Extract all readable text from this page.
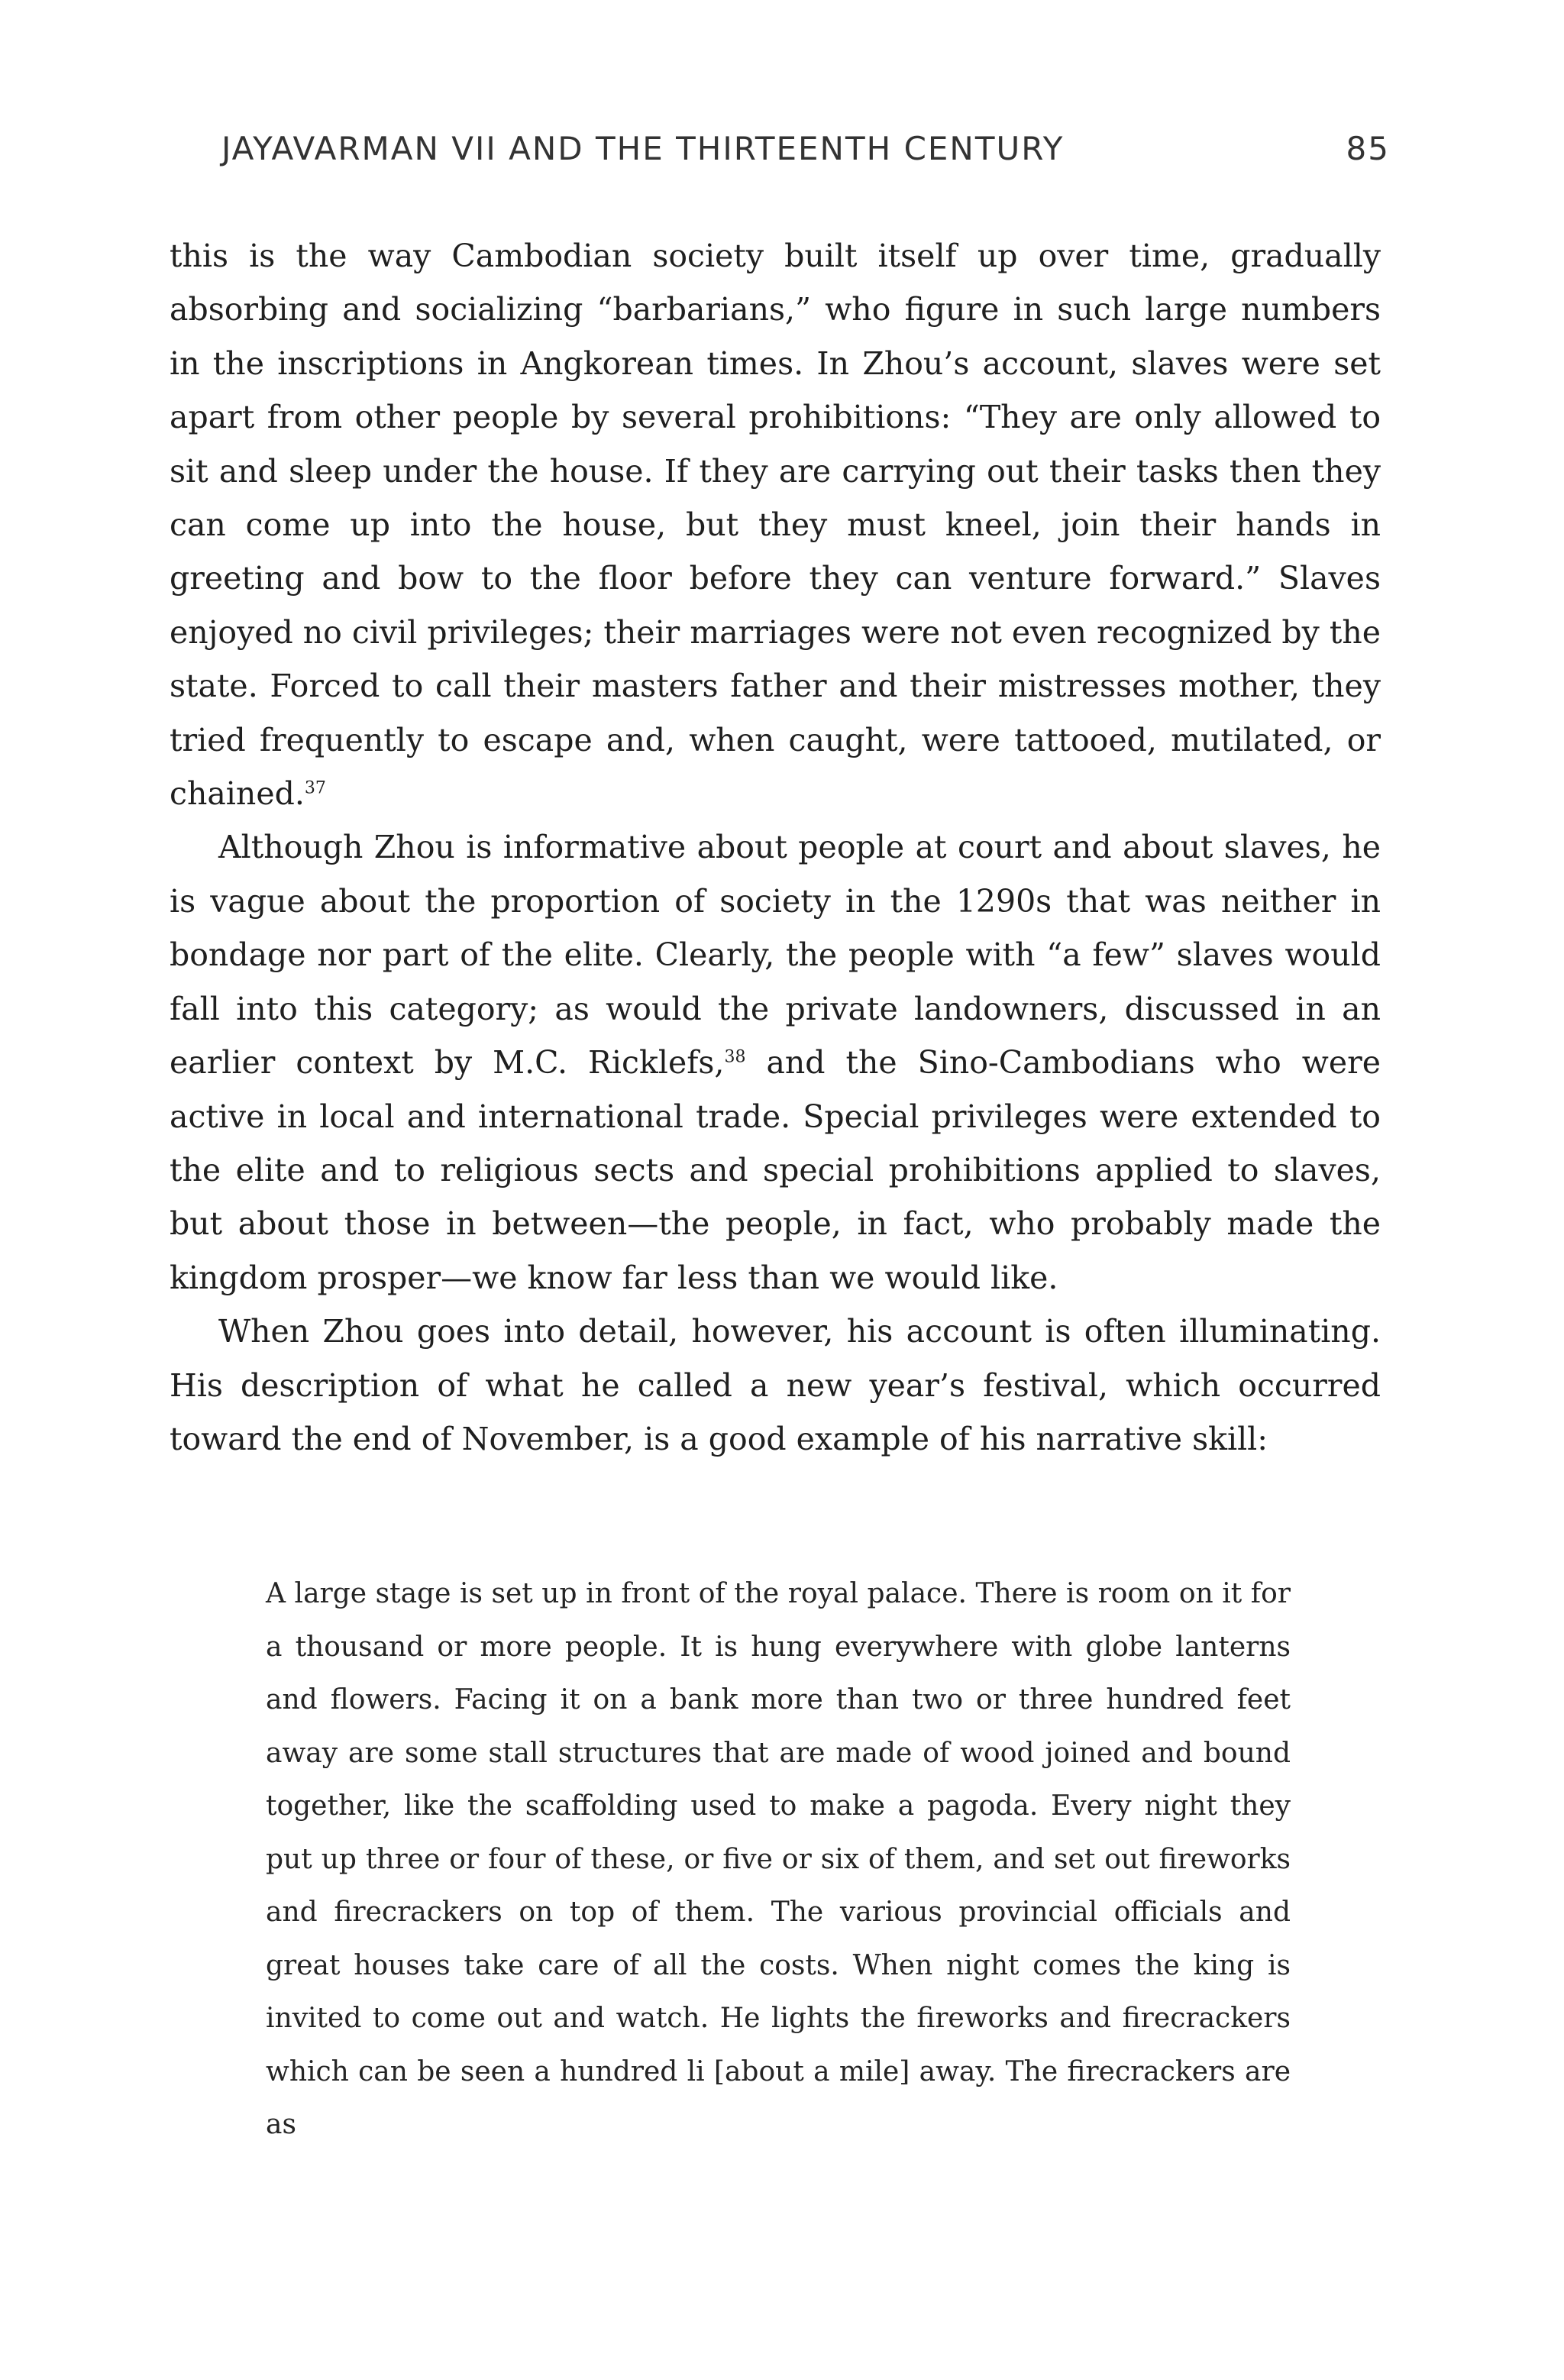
JAYAVARMAN VII AND THE THIRTEENTH CENTURY	85

this is the way Cambodian society built itself up over time, gradually absorbing and socializing “barbarians,” who figure in such large numbers in the inscriptions in Angkorean times. In Zhou’s account, slaves were set apart from other people by several prohibitions: “They are only allowed to sit and sleep under the house. If they are carrying out their tasks then they can come up into the house, but they must kneel, join their hands in greeting and bow to the floor before they can venture forward.” Slaves enjoyed no civil privileges; their marriages were not even recognized by the state. Forced to call their masters father and their mistresses mother, they tried frequently to escape and, when caught, were tattooed, mutilated, or chained.$^{37}$

Although Zhou is informative about people at court and about slaves, he is vague about the proportion of society in the 1290s that was neither in bondage nor part of the elite. Clearly, the people with “a few” slaves would fall into this category; as would the private landowners, discussed in an earlier context by M.C. Ricklefs,$^{38}$ and the Sino-Cambodians who were active in local and international trade. Special privileges were extended to the elite and to religious sects and special prohibitions applied to slaves, but about those in between—the people, in fact, who probably made the kingdom prosper—we know far less than we would like.

When Zhou goes into detail, however, his account is often illuminating. His description of what he called a new year’s festival, which occurred toward the end of November, is a good example of his narrative skill:

A large stage is set up in front of the royal palace. There is room on it for a thousand or more people. It is hung everywhere with globe lanterns and flowers. Facing it on a bank more than two or three hundred feet away are some stall structures that are made of wood joined and bound together, like the scaffolding used to make a pagoda. Every night they put up three or four of these, or five or six of them, and set out fireworks and firecrackers on top of them. The various provincial officials and great houses take care of all the costs. When night comes the king is invited to come out and watch. He lights the fireworks and firecrackers which can be seen a hundred li [about a mile] away. The firecrackers are as
